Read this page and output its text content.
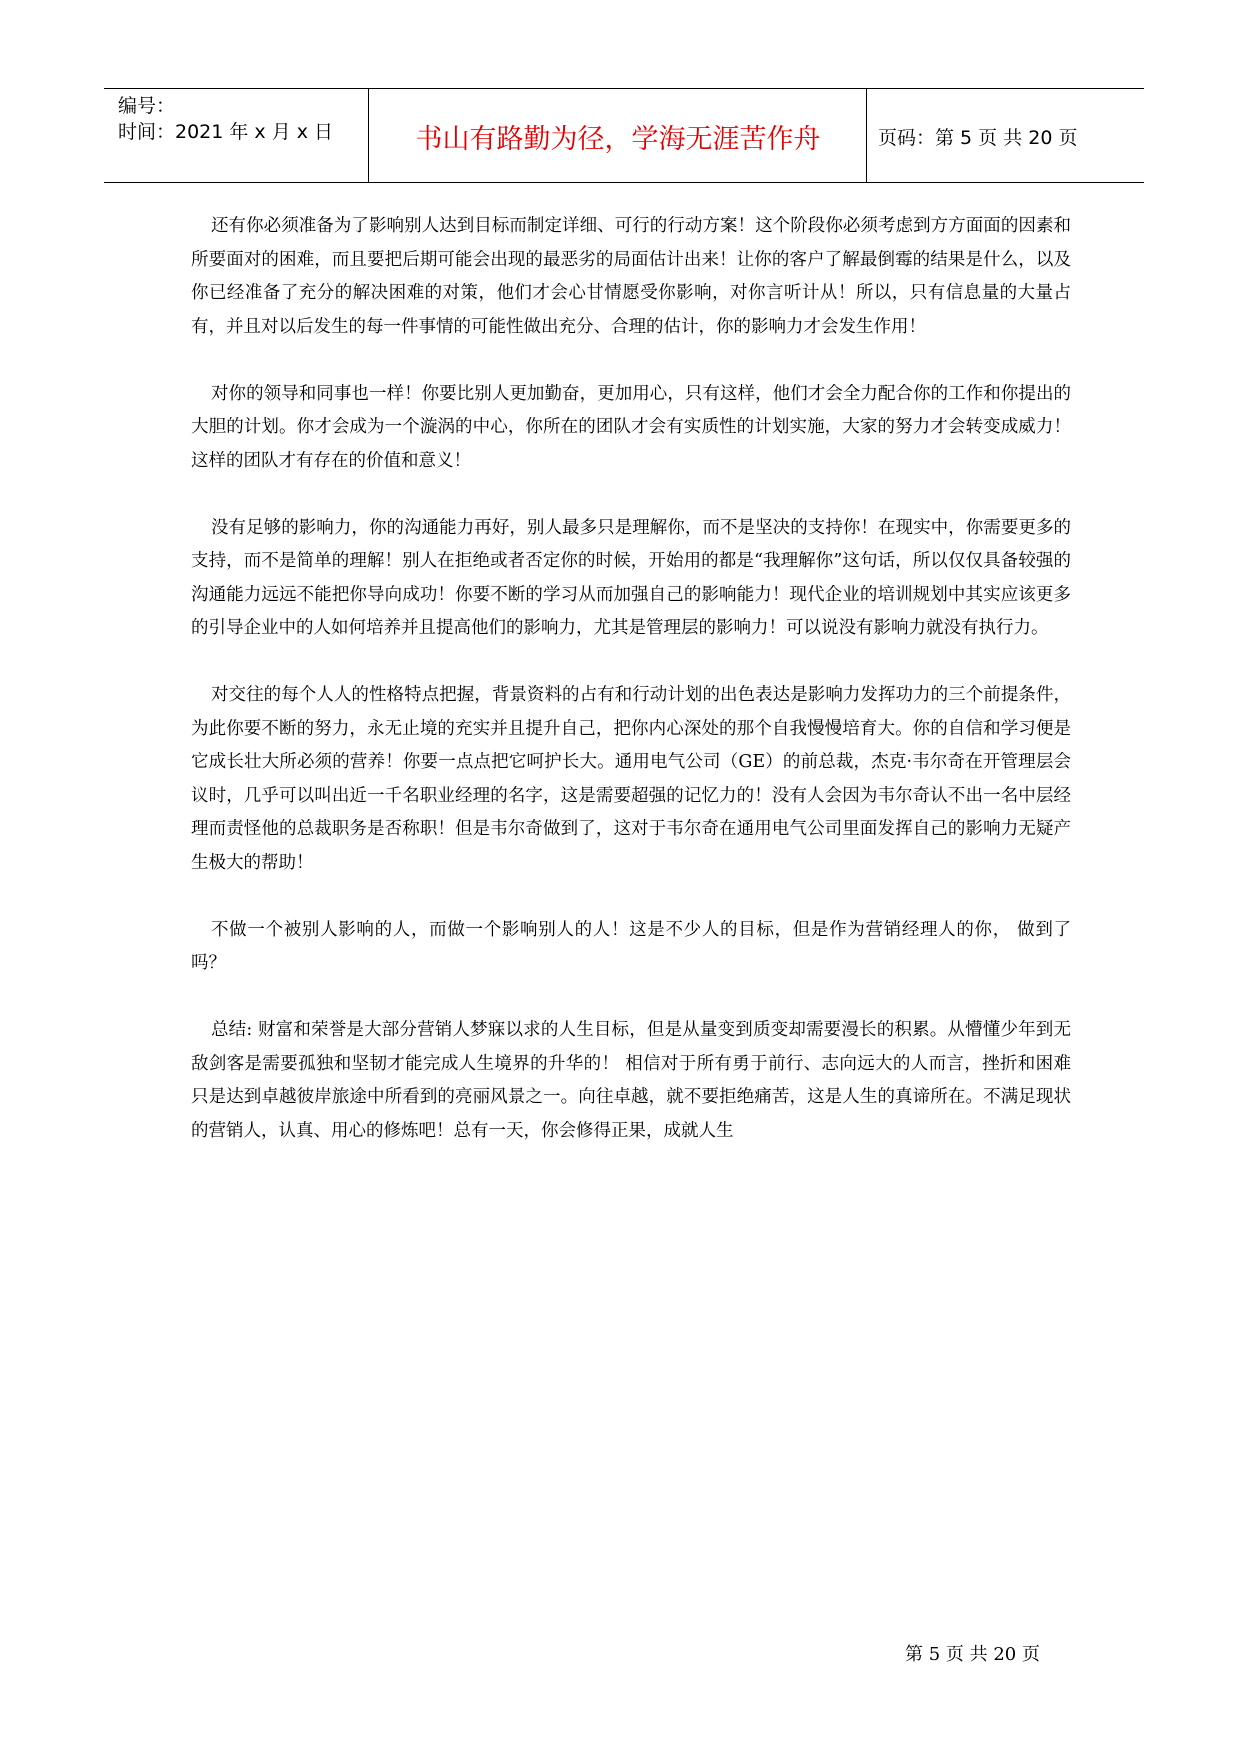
编号：
时间：2021 年 x 月 x 日	书山有路勤为径，学海无涯苦作舟	页码：第 5 页 共 20 页

还有你必须准备为了影响别人达到目标而制定详细、可行的行动方案！这个阶段你必须考虑到方方面面的因素和所要面对的困难，而且要把后期可能会出现的最恶劣的局面估计出来！让你的客户了解最倒霉的结果是什么，以及你已经准备了充分的解决困难的对策，他们才会心甘情愿受你影响，对你言听计从！所以，只有信息量的大量占有，并且对以后发生的每一件事情的可能性做出充分、合理的估计，你的影响力才会发生作用！

对你的领导和同事也一样！你要比别人更加勤奋，更加用心，只有这样，他们才会全力配合你的工作和你提出的大胆的计划。你才会成为一个漩涡的中心，你所在的团队才会有实质性的计划实施，大家的努力才会转变成威力！这样的团队才有存在的价值和意义！

没有足够的影响力，你的沟通能力再好，别人最多只是理解你，而不是坚决的支持你！在现实中，你需要更多的支持，而不是简单的理解！别人在拒绝或者否定你的时候，开始用的都是“我理解你”这句话，所以仅仅具备较强的沟通能力远远不能把你导向成功！你要不断的学习从而加强自己的影响能力！现代企业的培训规划中其实应该更多的引导企业中的人如何培养并且提高他们的影响力，尤其是管理层的影响力！可以说没有影响力就没有执行力。

对交往的每个人人的性格特点把握，背景资料的占有和行动计划的出色表达是影响力发挥功力的三个前提条件，为此你要不断的努力，永无止境的充实并且提升自己，把你内心深处的那个自我慢慢培育大。你的自信和学习便是它成长壮大所必须的营养！你要一点点把它呵护长大。通用电气公司（GE）的前总裁，杰克·韦尔奇在开管理层会议时，几乎可以叫出近一千名职业经理的名字，这是需要超强的记忆力的！没有人会因为韦尔奇认不出一名中层经理而责怪他的总裁职务是否称职！但是韦尔奇做到了，这对于韦尔奇在通用电气公司里面发挥自己的影响力无疑产生极大的帮助！

不做一个被别人影响的人，而做一个影响别人的人！这是不少人的目标，但是作为营销经理人的你， 做到了吗？

总结: 财富和荣誉是大部分营销人梦寐以求的人生目标，但是从量变到质变却需要漫长的积累。从懵懂少年到无敌剑客是需要孤独和坚韧才能完成人生境界的升华的！ 相信对于所有勇于前行、志向远大的人而言，挫折和困难只是达到卓越彼岸旅途中所看到的亮丽风景之一。向往卓越，就不要拒绝痛苦，这是人生的真谛所在。不满足现状的营销人，认真、用心的修炼吧！总有一天，你会修得正果，成就人生

第 5 页 共 20 页
